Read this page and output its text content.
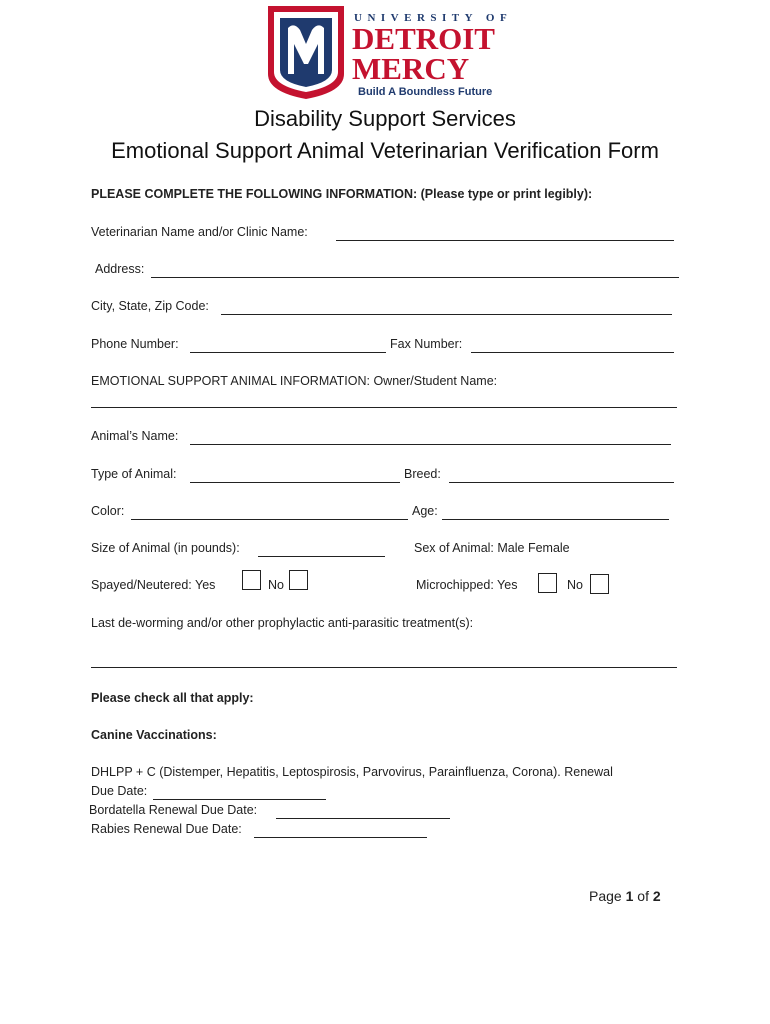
UNIVERSITY OF
DETROIT
MERCY
Build A Boundless Future
Disability Support Services
Emotional Support Animal Veterinarian Verification Form
PLEASE COMPLETE THE FOLLOWING INFORMATION: (Please type or print legibly):
Veterinarian Name and/or Clinic Name:
Address:
City, State, Zip Code:
Phone Number:	Fax Number:
EMOTIONAL SUPPORT ANIMAL INFORMATION: Owner/Student Name:
Animal’s Name:
Type of Animal:	Breed:
Color:	Age:
Size of Animal (in pounds):	Sex of Animal: Male Female
Spayed/Neutered: Yes	No	Microchipped: Yes	No
Last de-worming and/or other prophylactic anti-parasitic treatment(s):
Please check all that apply:
Canine Vaccinations:
DHLPP + C (Distemper, Hepatitis, Leptospirosis, Parvovirus, Parainfluenza, Corona). Renewal
Due Date:
Bordatella Renewal Due Date:
Rabies Renewal Due Date:
Page 1 of 2
